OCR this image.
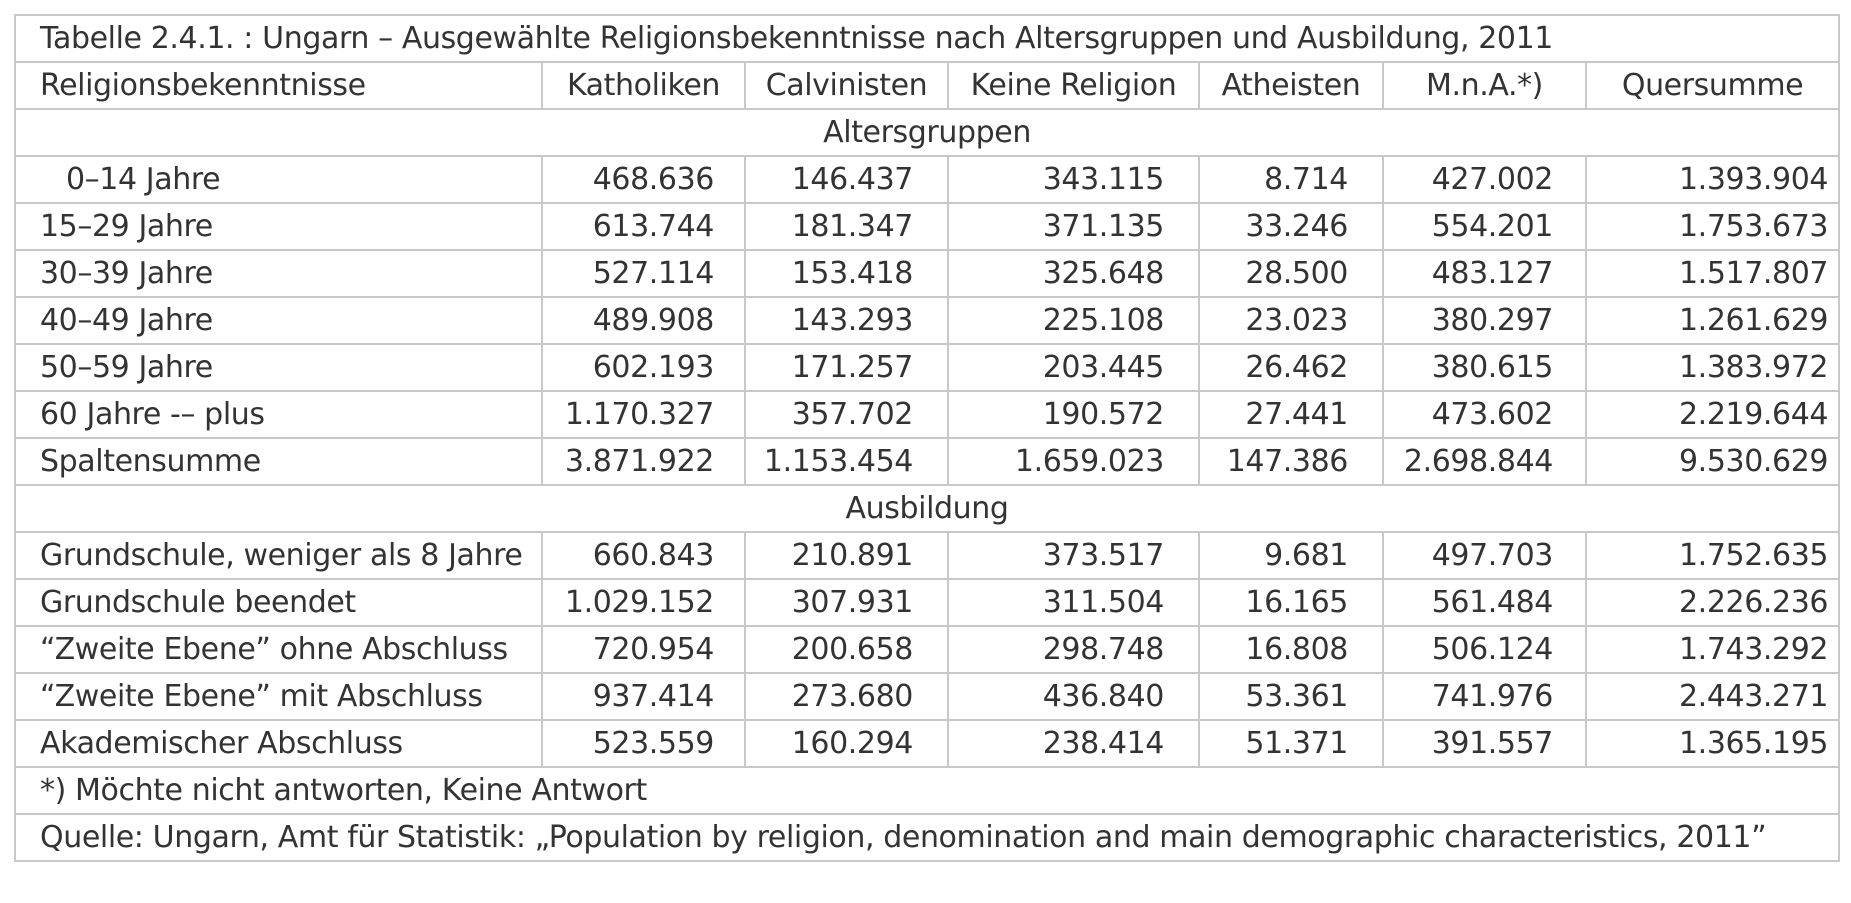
Tabelle 2.4.1. : Ungarn – Ausgewählte Religionsbekenntnisse nach Altersgruppen und Ausbildung, 2011						
Religionsbekenntnisse	Katholiken	Calvinisten	Keine Religion	Atheisten	M.n.A.*)	Quersumme
Altersgruppen						
0–14 Jahre	468.636	146.437	343.115	8.714	427.002	1.393.904
15–29 Jahre	613.744	181.347	371.135	33.246	554.201	1.753.673
30–39 Jahre	527.114	153.418	325.648	28.500	483.127	1.517.807
40–49 Jahre	489.908	143.293	225.108	23.023	380.297	1.261.629
50–59 Jahre	602.193	171.257	203.445	26.462	380.615	1.383.972
60 Jahre -– plus	1.170.327	357.702	190.572	27.441	473.602	2.219.644
Spaltensumme	3.871.922	1.153.454	1.659.023	147.386	2.698.844	9.530.629
Ausbildung						
Grundschule, weniger als 8 Jahre	660.843	210.891	373.517	9.681	497.703	1.752.635
Grundschule beendet	1.029.152	307.931	311.504	16.165	561.484	2.226.236
“Zweite Ebene” ohne Abschluss	720.954	200.658	298.748	16.808	506.124	1.743.292
“Zweite Ebene” mit Abschluss	937.414	273.680	436.840	53.361	741.976	2.443.271
Akademischer Abschluss	523.559	160.294	238.414	51.371	391.557	1.365.195
*) Möchte nicht antworten, Keine Antwort						
Quelle: Ungarn, Amt für Statistik: „Population by religion, denomination and main demographic characteristics, 2011”						
